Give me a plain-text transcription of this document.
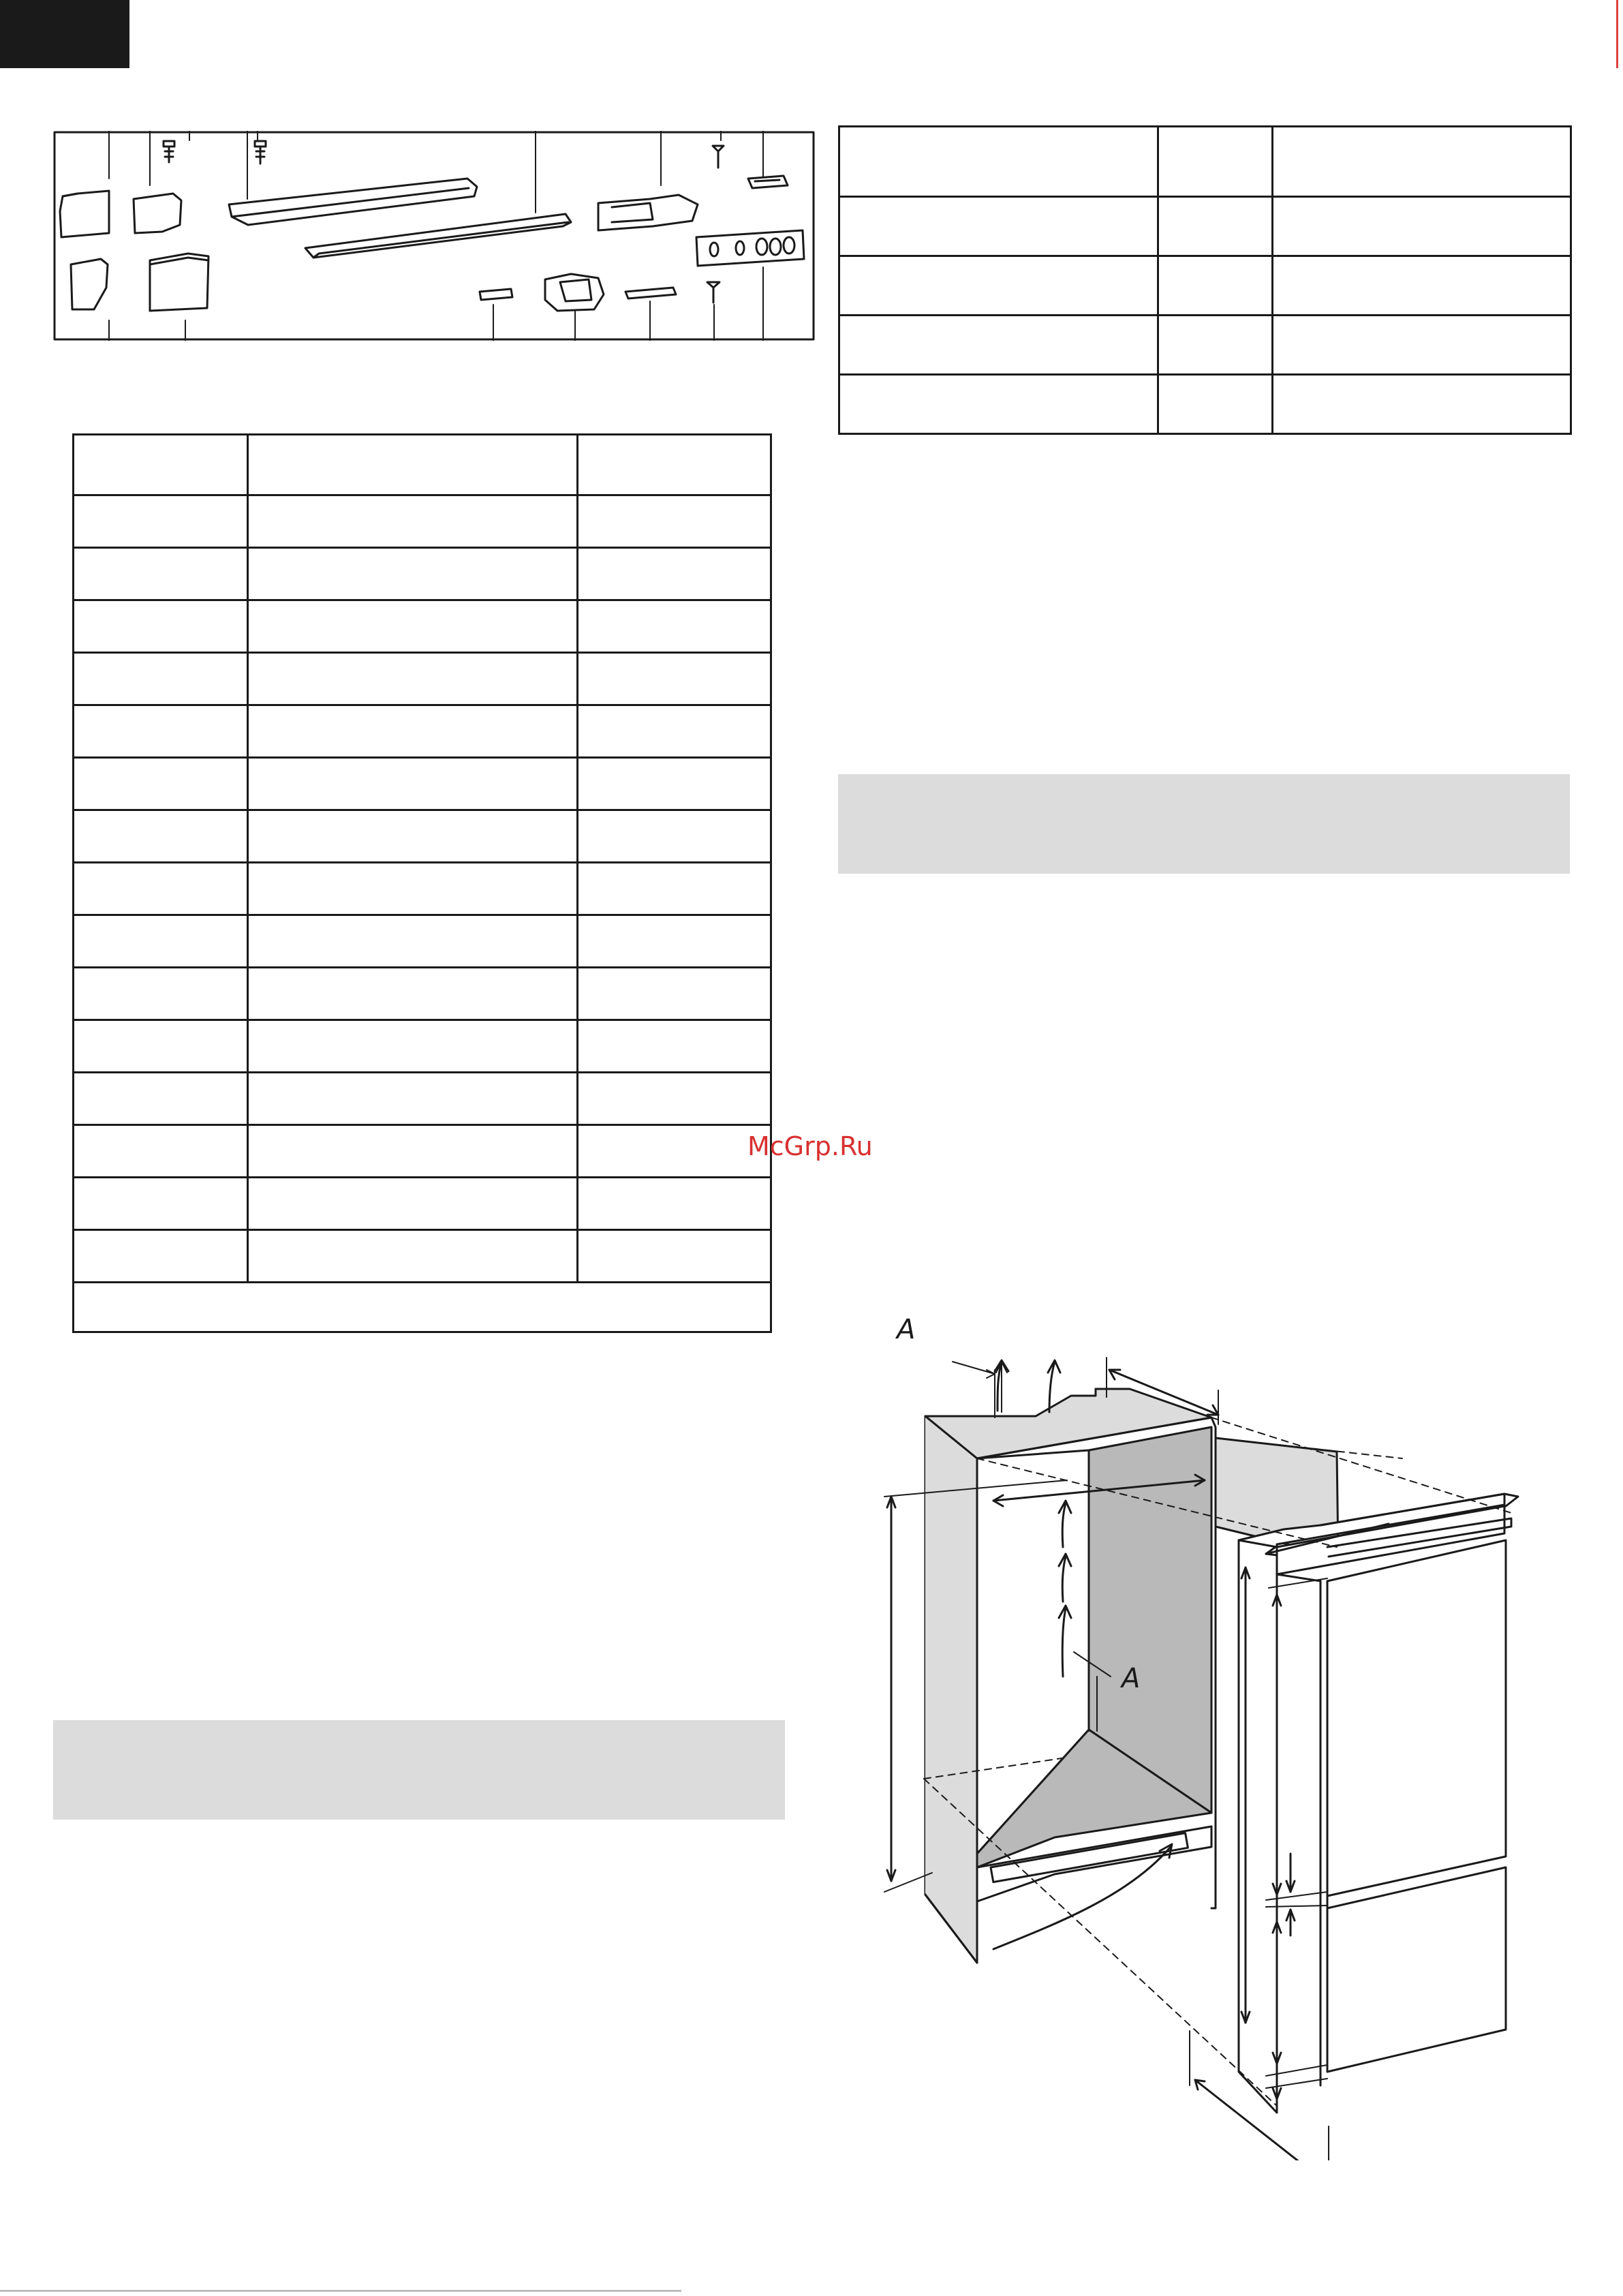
McGrp.Ru
A
A
